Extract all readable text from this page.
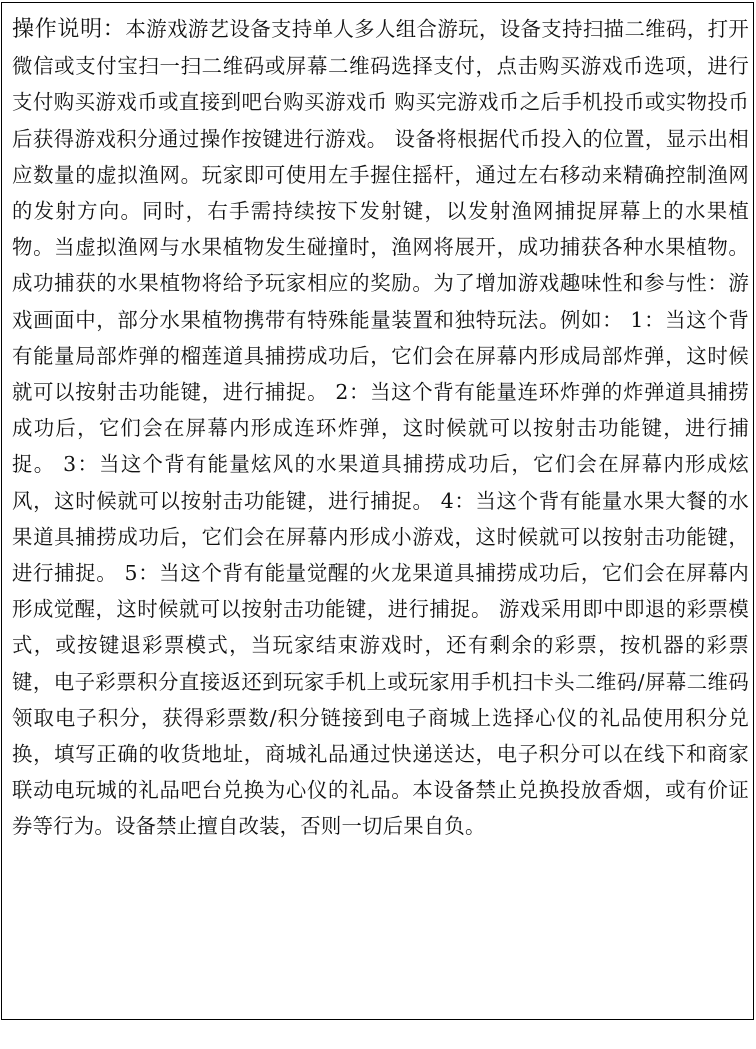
操作说明：本游戏游艺设备支持单人多人组合游玩，设备支持扫描二维码，打开微信或支付宝扫一扫二维码或屏幕二维码选择支付，点击购买游戏币选项，进行支付购买游戏币或直接到吧台购买游戏币 购买完游戏币之后手机投币或实物投币后获得游戏积分通过操作按键进行游戏。 设备将根据代币投入的位置，显示出相应数量的虚拟渔网。玩家即可使用左手握住摇杆，通过左右移动来精确控制渔网的发射方向。同时，右手需持续按下发射键，以发射渔网捕捉屏幕上的水果植物。当虚拟渔网与水果植物发生碰撞时，渔网将展开，成功捕获各种水果植物。成功捕获的水果植物将给予玩家相应的奖励。为了增加游戏趣味性和参与性：游戏画面中，部分水果植物携带有特殊能量装置和独特玩法。例如： 1：当这个背有能量局部炸弹的榴莲道具捕捞成功后，它们会在屏幕内形成局部炸弹，这时候就可以按射击功能键，进行捕捉。 2：当这个背有能量连环炸弹的炸弹道具捕捞成功后，它们会在屏幕内形成连环炸弹，这时候就可以按射击功能键，进行捕捉。 3：当这个背有能量炫风的水果道具捕捞成功后，它们会在屏幕内形成炫风，这时候就可以按射击功能键，进行捕捉。 4：当这个背有能量水果大餐的水果道具捕捞成功后，它们会在屏幕内形成小游戏，这时候就可以按射击功能键，进行捕捉。 5：当这个背有能量觉醒的火龙果道具捕捞成功后，它们会在屏幕内形成觉醒，这时候就可以按射击功能键，进行捕捉。 游戏采用即中即退的彩票模式，或按键退彩票模式，当玩家结束游戏时，还有剩余的彩票，按机器的彩票键，电子彩票积分直接返还到玩家手机上或玩家用手机扫卡头二维码/屏幕二维码领取电子积分，获得彩票数/积分链接到电子商城上选择心仪的礼品使用积分兑换，填写正确的收货地址，商城礼品通过快递送达，电子积分可以在线下和商家联动电玩城的礼品吧台兑换为心仪的礼品。本设备禁止兑换投放香烟，或有价证券等行为。设备禁止擅自改装，否则一切后果自负。
